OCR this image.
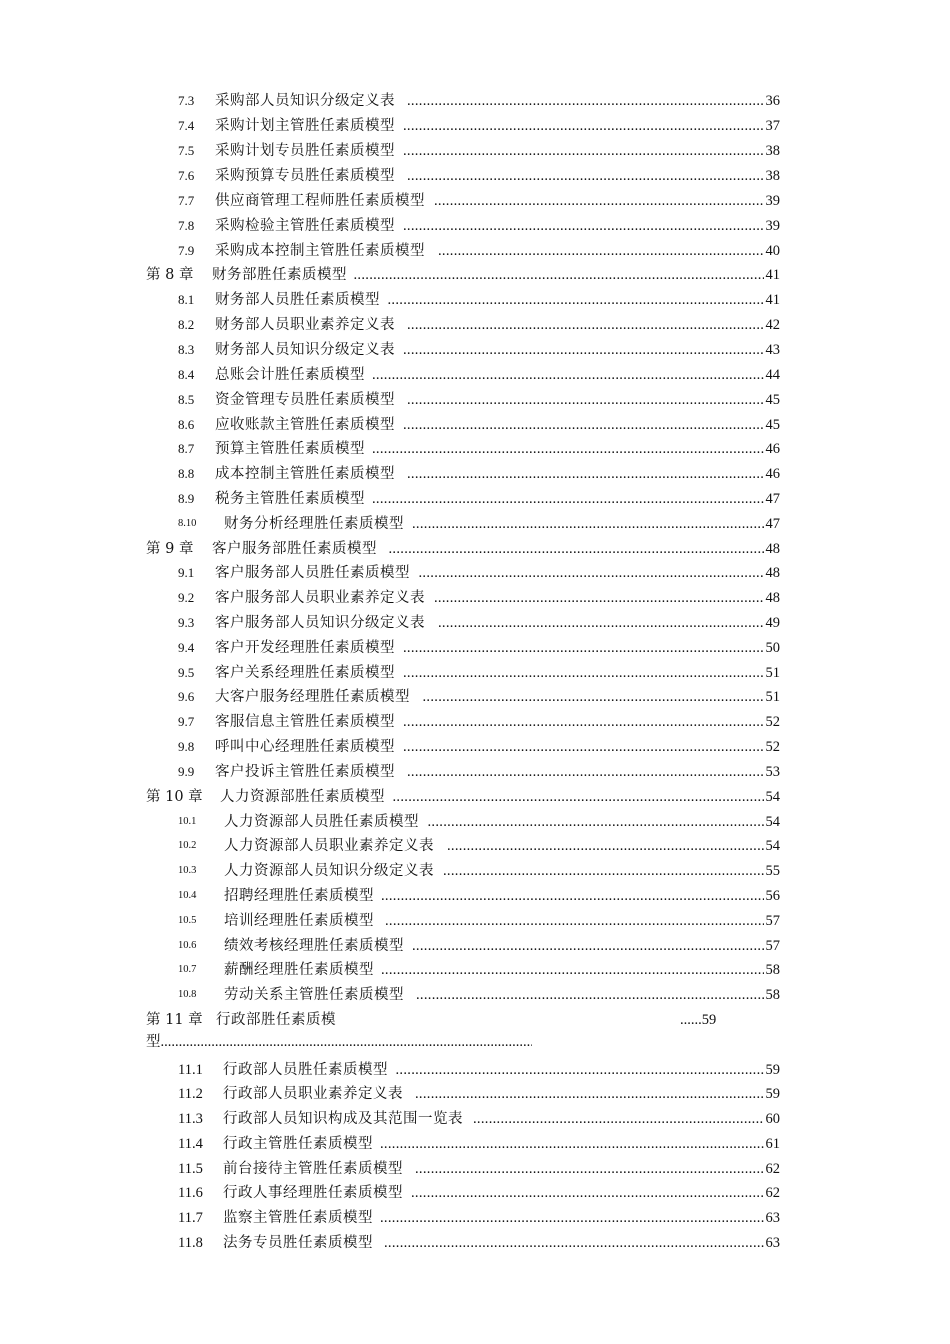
7.3 采购部人员知识分级定义表 .....	36
7.4 采购计划主管胜任素质模型 .....	37
7.5 采购计划专员胜任素质模型 .....	38
7.6 采购预算专员胜任素质模型 .....	38
7.7 供应商管理工程师胜任素质模型 .....	39
7.8 采购检验主管胜任素质模型 .....	39
7.9 采购成本控制主管胜任素质模型 .....	40
第 8 章 财务部胜任素质模型 .....	41
8.1 财务部人员胜任素质模型 .....	41
8.2 财务部人员职业素养定义表 .....	42
8.3 财务部人员知识分级定义表 .....	43
8.4 总账会计胜任素质模型 .....	44
8.5 资金管理专员胜任素质模型 .....	45
8.6 应收账款主管胜任素质模型 .....	45
8.7 预算主管胜任素质模型 .....	46
8.8 成本控制主管胜任素质模型 .....	46
8.9 税务主管胜任素质模型 .....	47
8.10 财务分析经理胜任素质模型 .....	47
第 9 章 客户服务部胜任素质模型 .....	48
9.1 客户服务部人员胜任素质模型 .....	48
9.2 客户服务部人员职业素养定义表 .....	48
9.3 客户服务部人员知识分级定义表 .....	49
9.4 客户开发经理胜任素质模型 .....	50
9.5 客户关系经理胜任素质模型 .....	51
9.6 大客户服务经理胜任素质模型 .....	51
9.7 客服信息主管胜任素质模型 .....	52
9.8 呼叫中心经理胜任素质模型 .....	52
9.9 客户投诉主管胜任素质模型 .....	53
第 10 章 人力资源部胜任素质模型 .....	54
10.1 人力资源部人员胜任素质模型 .....	54
10.2 人力资源部人员职业素养定义表 .....	54
10.3 人力资源部人员知识分级定义表 .....	55
10.4 招聘经理胜任素质模型 .....	56
10.5 培训经理胜任素质模型 .....	57
10.6 绩效考核经理胜任素质模型 .....	57
10.7 薪酬经理胜任素质模型 .....	58
10.8 劳动关系主管胜任素质模型 .....	58
第 11 章 行政部胜任素质模	......59
型 .....
11.1 行政部人员胜任素质模型 .....	59
11.2 行政部人员职业素养定义表 .....	59
11.3 行政部人员知识构成及其范围一览表 .....	60
11.4 行政主管胜任素质模型 .....	61
11.5 前台接待主管胜任素质模型 .....	62
11.6 行政人事经理胜任素质模型 .....	62
11.7 监察主管胜任素质模型 .....	63
11.8 法务专员胜任素质模型 .....	63
